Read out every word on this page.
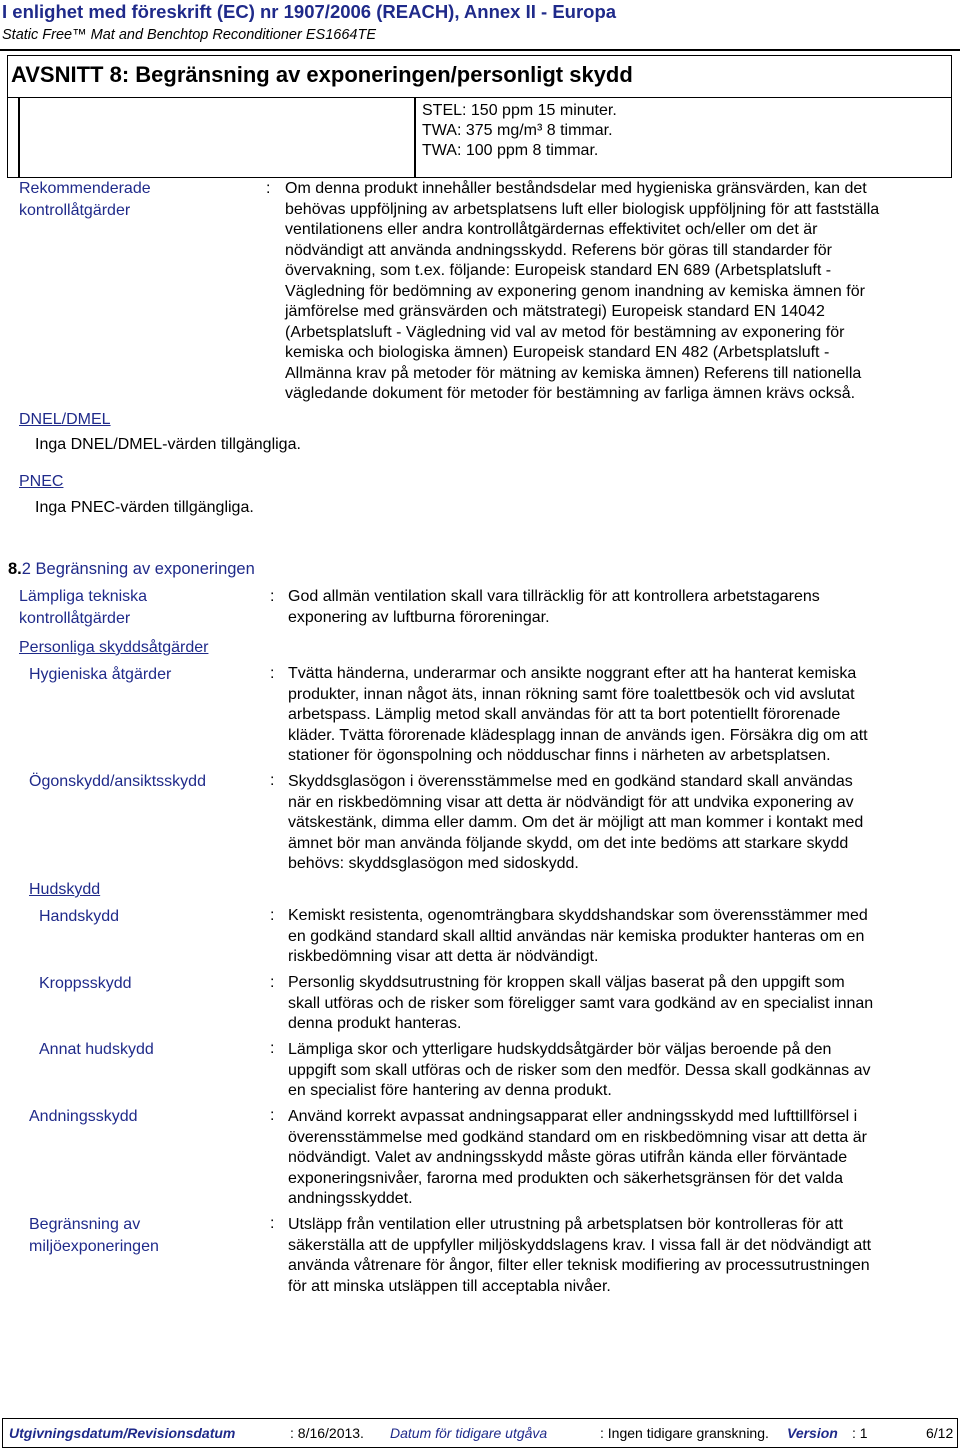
I enlighet med föreskrift (EC) nr 1907/2006 (REACH), Annex II - Europa
Static Free™ Mat and Benchtop Reconditioner ES1664TE
AVSNITT 8: Begränsning av exponeringen/personligt skydd
STEL: 150 ppm 15 minuter.
TWA: 375 mg/m³ 8 timmar.
TWA: 100 ppm 8 timmar.
Rekommenderade
kontrollåtgärder
: Om denna produkt innehåller beståndsdelar med hygieniska gränsvärden, kan det
behövas uppföljning av arbetsplatsens luft eller biologisk uppföljning för att fastställa
ventilationens eller andra kontrollåtgärdernas effektivitet och/eller om det är
nödvändigt att använda andningsskydd. Referens bör göras till standarder för
övervakning, som t.ex. följande: Europeisk standard EN 689 (Arbetsplatsluft -
Vägledning för bedömning av exponering genom inandning av kemiska ämnen för
jämförelse med gränsvärden och mätstrategi) Europeisk standard EN 14042
(Arbetsplatsluft - Vägledning vid val av metod för bestämning av exponering för
kemiska och biologiska ämnen) Europeisk standard EN 482 (Arbetsplatsluft -
Allmänna krav på metoder för mätning av kemiska ämnen) Referens till nationella
vägledande dokument för metoder för bestämning av farliga ämnen krävs också.
DNEL/DMEL
Inga DNEL/DMEL-värden tillgängliga.
PNEC
Inga PNEC-värden tillgängliga.
8.2 Begränsning av exponeringen
Lämpliga tekniska
kontrollåtgärder
: God allmän ventilation skall vara tillräcklig för att kontrollera arbetstagarens
exponering av luftburna föroreningar.
Personliga skyddsåtgärder
Hygieniska åtgärder	: Tvätta händerna, underarmar och ansikte noggrant efter att ha hanterat kemiska
produkter, innan något äts, innan rökning samt före toalettbesök och vid avslutat
arbetspass. Lämplig metod skall användas för att ta bort potentiellt förorenade
kläder. Tvätta förorenade klädesplagg innan de används igen. Försäkra dig om att
stationer för ögonspolning och nödduschar finns i närheten av arbetsplatsen.
Ögonskydd/ansiktsskydd	: Skyddsglasögon i överensstämmelse med en godkänd standard skall användas
när en riskbedömning visar att detta är nödvändigt för att undvika exponering av
vätskestänk, dimma eller damm. Om det är möjligt att man kommer i kontakt med
ämnet bör man använda följande skydd, om det inte bedöms att starkare skydd
behövs: skyddsglasögon med sidoskydd.
Hudskydd
Handskydd	: Kemiskt resistenta, ogenomträngbara skyddshandskar som överensstämmer med
en godkänd standard skall alltid användas när kemiska produkter hanteras om en
riskbedömning visar att detta är nödvändigt.
Kroppsskydd	: Personlig skyddsutrustning för kroppen skall väljas baserat på den uppgift som
skall utföras och de risker som föreligger samt vara godkänd av en specialist innan
denna produkt hanteras.
Annat hudskydd	: Lämpliga skor och ytterligare hudskyddsåtgärder bör väljas beroende på den
uppgift som skall utföras och de risker som den medför. Dessa skall godkännas av
en specialist före hantering av denna produkt.
Andningsskydd	: Använd korrekt avpassat andningsapparat eller andningsskydd med lufttillförsel i
överensstämmelse med godkänd standard om en riskbedömning visar att detta är
nödvändigt. Valet av andningsskydd måste göras utifrån kända eller förväntade
exponeringsnivåer, farorna med produkten och säkerhetsgränsen för det valda
andningsskyddet.
Begränsning av
miljöexponeringen
: Utsläpp från ventilation eller utrustning på arbetsplatsen bör kontrolleras för att
säkerställa att de uppfyller miljöskyddslagens krav. I vissa fall är det nödvändigt att
använda våtrenare för ångor, filter eller teknisk modifiering av processutrustningen
för att minska utsläppen till acceptabla nivåer.
Utgivningsdatum/Revisionsdatum	: 8/16/2013. Datum för tidigare utgåva	: Ingen tidigare granskning. Version : 1	6/12
